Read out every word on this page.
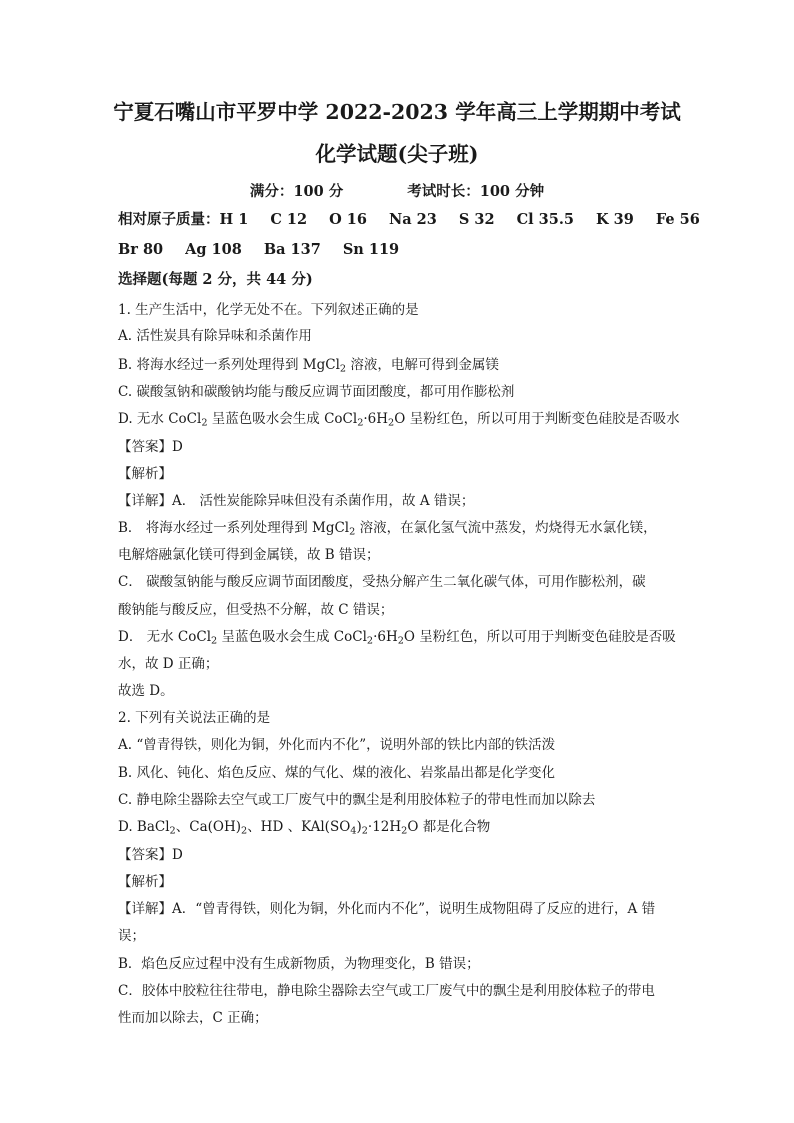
宁夏石嘴山市平罗中学 2022-2023 学年高三上学期期中考试
化学试题(尖子班)
满分：100 分	考试时长：100 分钟
相对原子质量：H 1 C 12 O 16 Na 23 S 32 Cl 35.5 K 39 Fe 56
Br 80 Ag 108 Ba 137 Sn 119
选择题(每题 2 分，共 44 分)
1. 生产生活中，化学无处不在。下列叙述正确的是
A. 活性炭具有除异味和杀菌作用
B. 将海水经过一系列处理得到 MgCl$_2$ 溶液，电解可得到金属镁
C. 碳酸氢钠和碳酸钠均能与酸反应调节面团酸度，都可用作膨松剂
D. 无水 CoCl$_2$ 呈蓝色吸水会生成 $CoCl_2\cdot 6H_2O$ 呈粉红色，所以可用于判断变色硅胶是否吸水
【答案】D
【解析】
【详解】A． 活性炭能除异味但没有杀菌作用，故 A 错误；
B． 将海水经过一系列处理得到 MgCl$_2$ 溶液，在氯化氢气流中蒸发，灼烧得无水氯化镁，
电解熔融氯化镁可得到金属镁，故 B 错误；
C． 碳酸氢钠能与酸反应调节面团酸度，受热分解产生二氧化碳气体，可用作膨松剂，碳
酸钠能与酸反应，但受热不分解，故 C 错误；
D． 无水 CoCl$_2$ 呈蓝色吸水会生成 $CoCl_2\cdot 6H_2O$ 呈粉红色，所以可用于判断变色硅胶是否吸
水，故 D 正确；
故选 D。
2. 下列有关说法正确的是
A. “曾青得铁，则化为铜，外化而内不化”，说明外部的铁比内部的铁活泼
B. 风化、钝化、焰色反应、煤的气化、煤的液化、岩浆晶出都是化学变化
C. 静电除尘器除去空气或工厂废气中的飘尘是利用胶体粒子的带电性而加以除去
D. BaCl$_2$、$Ca(OH)_2$、HD 、$KAl(SO_4)_2\cdot 12H_2O$ 都是化合物
【答案】D
【解析】
【详解】A．“曾青得铁，则化为铜，外化而内不化”，说明生成物阻碍了反应的进行，A 错
误；
B．焰色反应过程中没有生成新物质，为物理变化，B 错误；
C．胶体中胶粒往往带电，静电除尘器除去空气或工厂废气中的飘尘是利用胶体粒子的带电
性而加以除去，C 正确；
